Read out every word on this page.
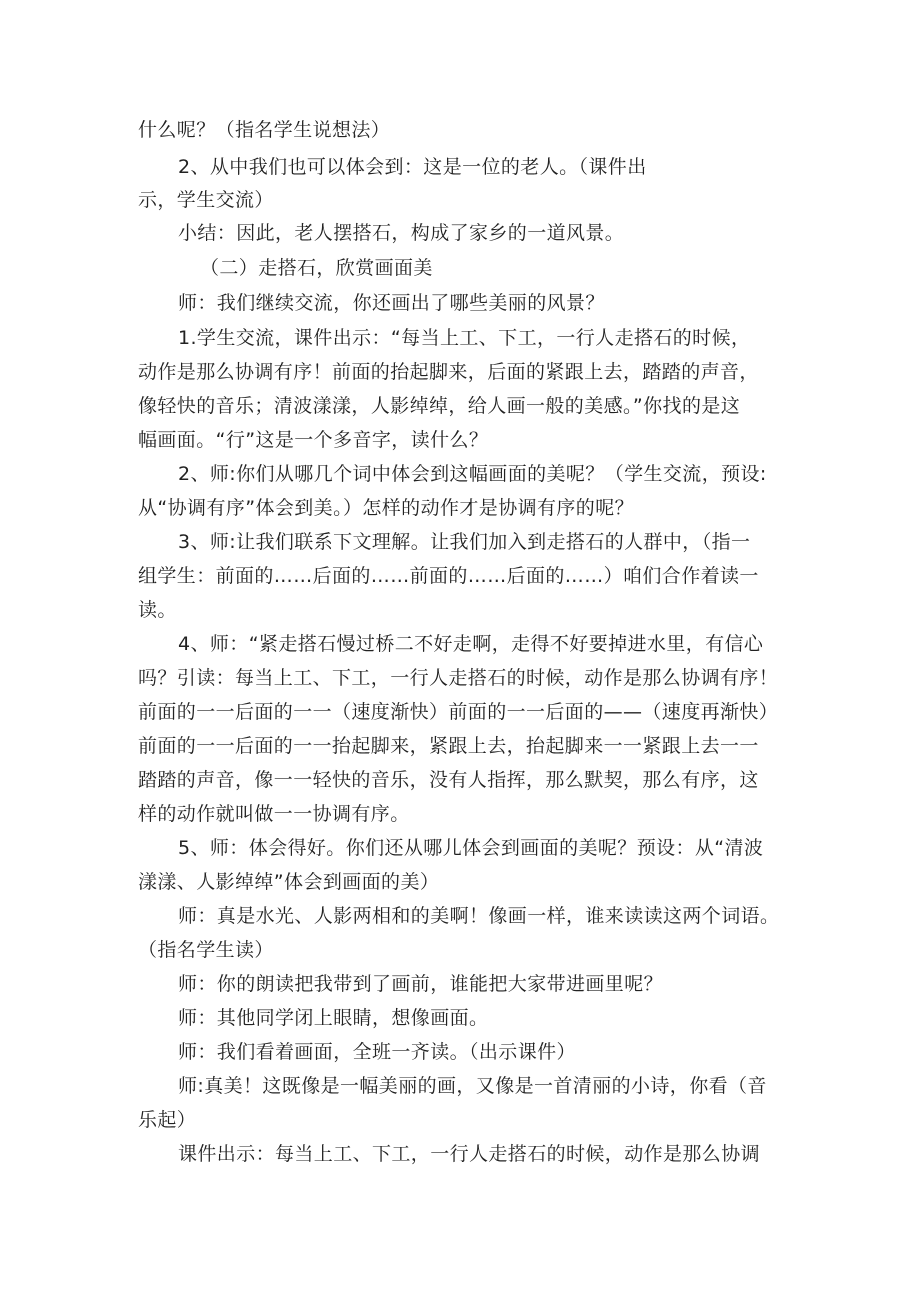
什么呢？（指名学生说想法）
2、从中我们也可以体会到：这是一位的老人。（课件出
示，学生交流）
小结：因此，老人摆搭石，构成了家乡的一道风景。
（二）走搭石，欣赏画面美
师：我们继续交流，你还画出了哪些美丽的风景？
1.学生交流，课件出示：“每当上工、下工，一行人走搭石的时候，
动作是那么协调有序！前面的抬起脚来，后面的紧跟上去，踏踏的声音，
像轻快的音乐；清波漾漾，人影绰绰，给人画一般的美感。”你找的是这
幅画面。“行”这是一个多音字，读什么？
2、师:你们从哪几个词中体会到这幅画面的美呢？（学生交流，预设:
从“协调有序”体会到美。）怎样的动作才是协调有序的呢？
3、师:让我们联系下文理解。让我们加入到走搭石的人群中，（指一
组学生：前面的……后面的……前面的……后面的……）咱们合作着读一
读。
4、师：“紧走搭石慢过桥二不好走啊，走得不好要掉进水里，有信心
吗？引读：每当上工、下工，一行人走搭石的时候，动作是那么协调有序！
前面的一一后面的一一（速度渐快）前面的一一后面的——（速度再渐快）
前面的一一后面的一一抬起脚来，紧跟上去，抬起脚来一一紧跟上去一一
踏踏的声音，像一一轻快的音乐，没有人指挥，那么默契，那么有序，这
样的动作就叫做一一协调有序。
5、师：体会得好。你们还从哪儿体会到画面的美呢？预设：从“清波
漾漾、人影绰绰”体会到画面的美）
师：真是水光、人影两相和的美啊！像画一样，谁来读读这两个词语。
（指名学生读）
师：你的朗读把我带到了画前，谁能把大家带进画里呢？
师：其他同学闭上眼睛，想像画面。
师：我们看着画面，全班一齐读。（出示课件）
师:真美！这既像是一幅美丽的画，又像是一首清丽的小诗，你看（音
乐起）
课件出示：每当上工、下工，一行人走搭石的时候，动作是那么协调
